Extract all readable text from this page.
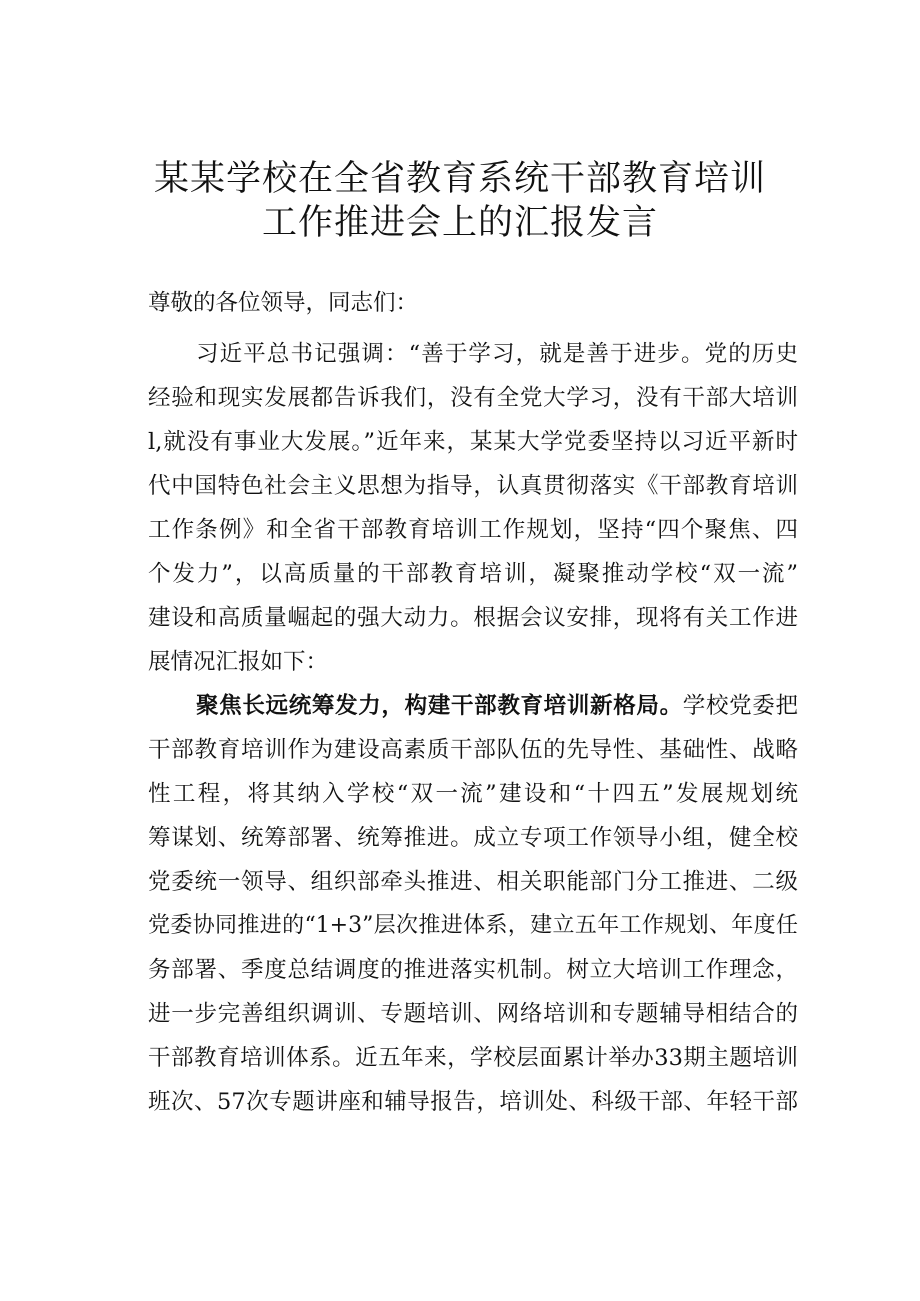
某某学校在全省教育系统干部教育培训
工作推进会上的汇报发言
尊敬的各位领导，同志们：
习近平总书记强调：“善于学习，就是善于进步。党的历史
经验和现实发展都告诉我们，没有全党大学习，没有干部大培训
l,就没有事业大发展。”近年来，某某大学党委坚持以习近平新时
代中国特色社会主义思想为指导，认真贯彻落实《干部教育培训
工作条例》和全省干部教育培训工作规划，坚持“四个聚焦、四
个发力”，以高质量的干部教育培训，凝聚推动学校“双一流”
建设和高质量崛起的强大动力。根据会议安排，现将有关工作进
展情况汇报如下：
聚焦长远统筹发力，构建干部教育培训新格局。学校党委把
干部教育培训作为建设高素质干部队伍的先导性、基础性、战略
性工程，将其纳入学校“双一流”建设和“十四五”发展规划统
筹谋划、统筹部署、统筹推进。成立专项工作领导小组，健全校
党委统一领导、组织部牵头推进、相关职能部门分工推进、二级
党委协同推进的“1+3”层次推进体系，建立五年工作规划、年度任
务部署、季度总结调度的推进落实机制。树立大培训工作理念，
进一步完善组织调训、专题培训、网络培训和专题辅导相结合的
干部教育培训体系。近五年来，学校层面累计举办33期主题培训
班次、57次专题讲座和辅导报告，培训处、科级干部、年轻干部
